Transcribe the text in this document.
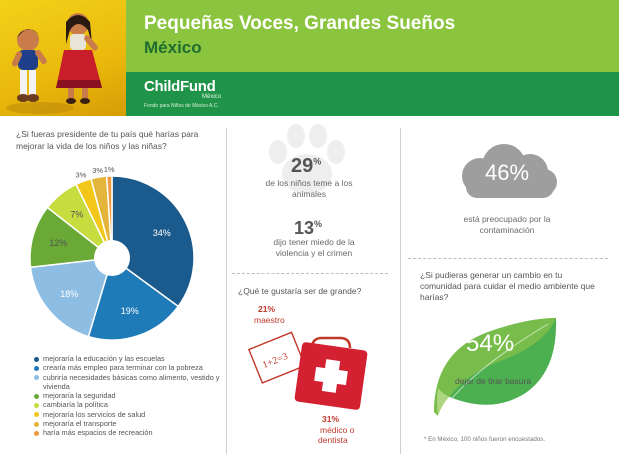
Pequeñas Voces, Grandes Sueños
México
ChildFund
México
Fondo para Niños de México A.C.
¿Si fueras presidente de tu país qué harías para mejorar la vida de los niños y las niñas?
34%
19%
18%
12%
7%
3% 3% 1%
mejoraría la educación y las escuelas
crearía más empleo para terminar con la pobreza
cubriría necesidades básicas como alimento, vestido y vivienda
mejoraría la seguridad
cambiaría la política
mejoraría los servicios de salud
mejoraría el transporte
haría más espacios de recreación
29%
de los niños teme a los animales
13%
dijo tener miedo de la violencia y el crimen
¿Qué te gustaría ser de grande?
21%
maestro
1+2=3
31%
médico o dentista
46%
está preocupado por la contaminación
¿Si pudieras generar un cambio en tu comunidad para cuidar el medio ambiente que harías?
54%
dejar de tirar basura
* En México, 100 niños fueron encuestados.
